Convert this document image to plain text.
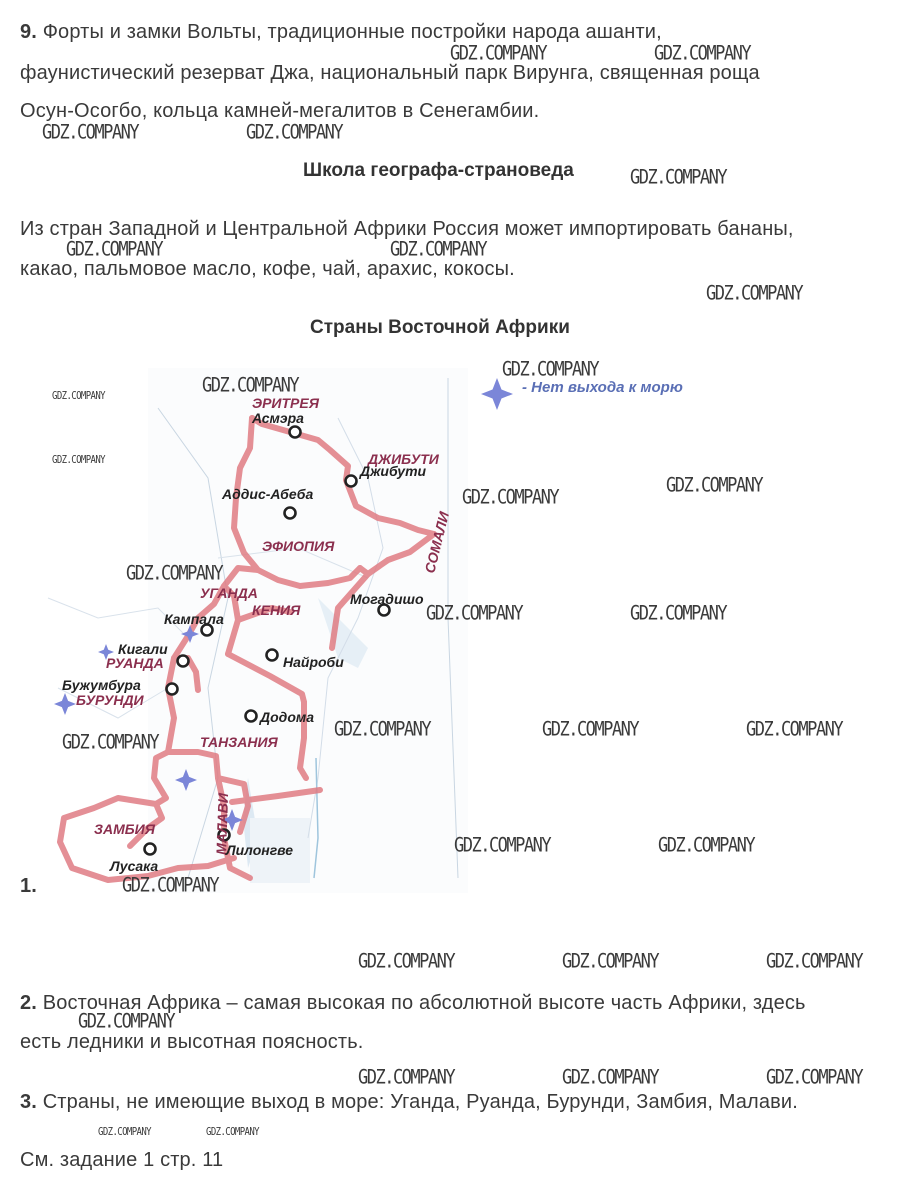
9. Форты и замки Вольты, традиционные постройки народа ашанти,
фаунистический резерват Джа, национальный парк Вирунга, священная роща
Осун-Осогбо, кольца камней-мегалитов в Сенегамбии.
Школа географа-страноведа
Из стран Западной и Центральной Африки Россия может импортировать бананы,
какао, пальмовое масло, кофе, чай, арахис, кокосы.
Страны Восточной Африки
ЭРИТРЕЯ
ДЖИБУТИ
СОМАЛИ
ЭФИОПИЯ
УГАНДА
КЕНИЯ
РУАНДА
БУРУНДИ
ТАНЗАНИЯ
ЗАМБИЯ	МАЛАВИ
Асмэра
Джибути
Аддис-Абеба
Могадишо
Кампала
Кигали
Найроби
Бужумбура
Додома
Лилонгве
Лусака
- Нет выхода к морю
1.
2. Восточная Африка – самая высокая по абсолютной высоте часть Африки, здесь
есть ледники и высотная поясность.
3. Страны, не имеющие выход в море: Уганда, Руанда, Бурунди, Замбия, Малави.
См. задание 1 стр. 11
GDZ.COMPANY	GDZ.COMPANY
GDZ.COMPANY	GDZ.COMPANY
GDZ.COMPANY
GDZ.COMPANY	GDZ.COMPANY
GDZ.COMPANY
GDZ.COMPANY
GDZ.COMPANY
GDZ.COMPANY
GDZ.COMPANY
GDZ.COMPANY
GDZ.COMPANY
GDZ.COMPANY
GDZ.COMPANY	GDZ.COMPANY
GDZ.COMPANY	GDZ.COMPANY	GDZ.COMPANY
GDZ.COMPANY
GDZ.COMPANY	GDZ.COMPANY
GDZ.COMPANY
GDZ.COMPANY	GDZ.COMPANY	GDZ.COMPANY
GDZ.COMPANY
GDZ.COMPANY	GDZ.COMPANY	GDZ.COMPANY
GDZ.COMPANY	GDZ.COMPANY
